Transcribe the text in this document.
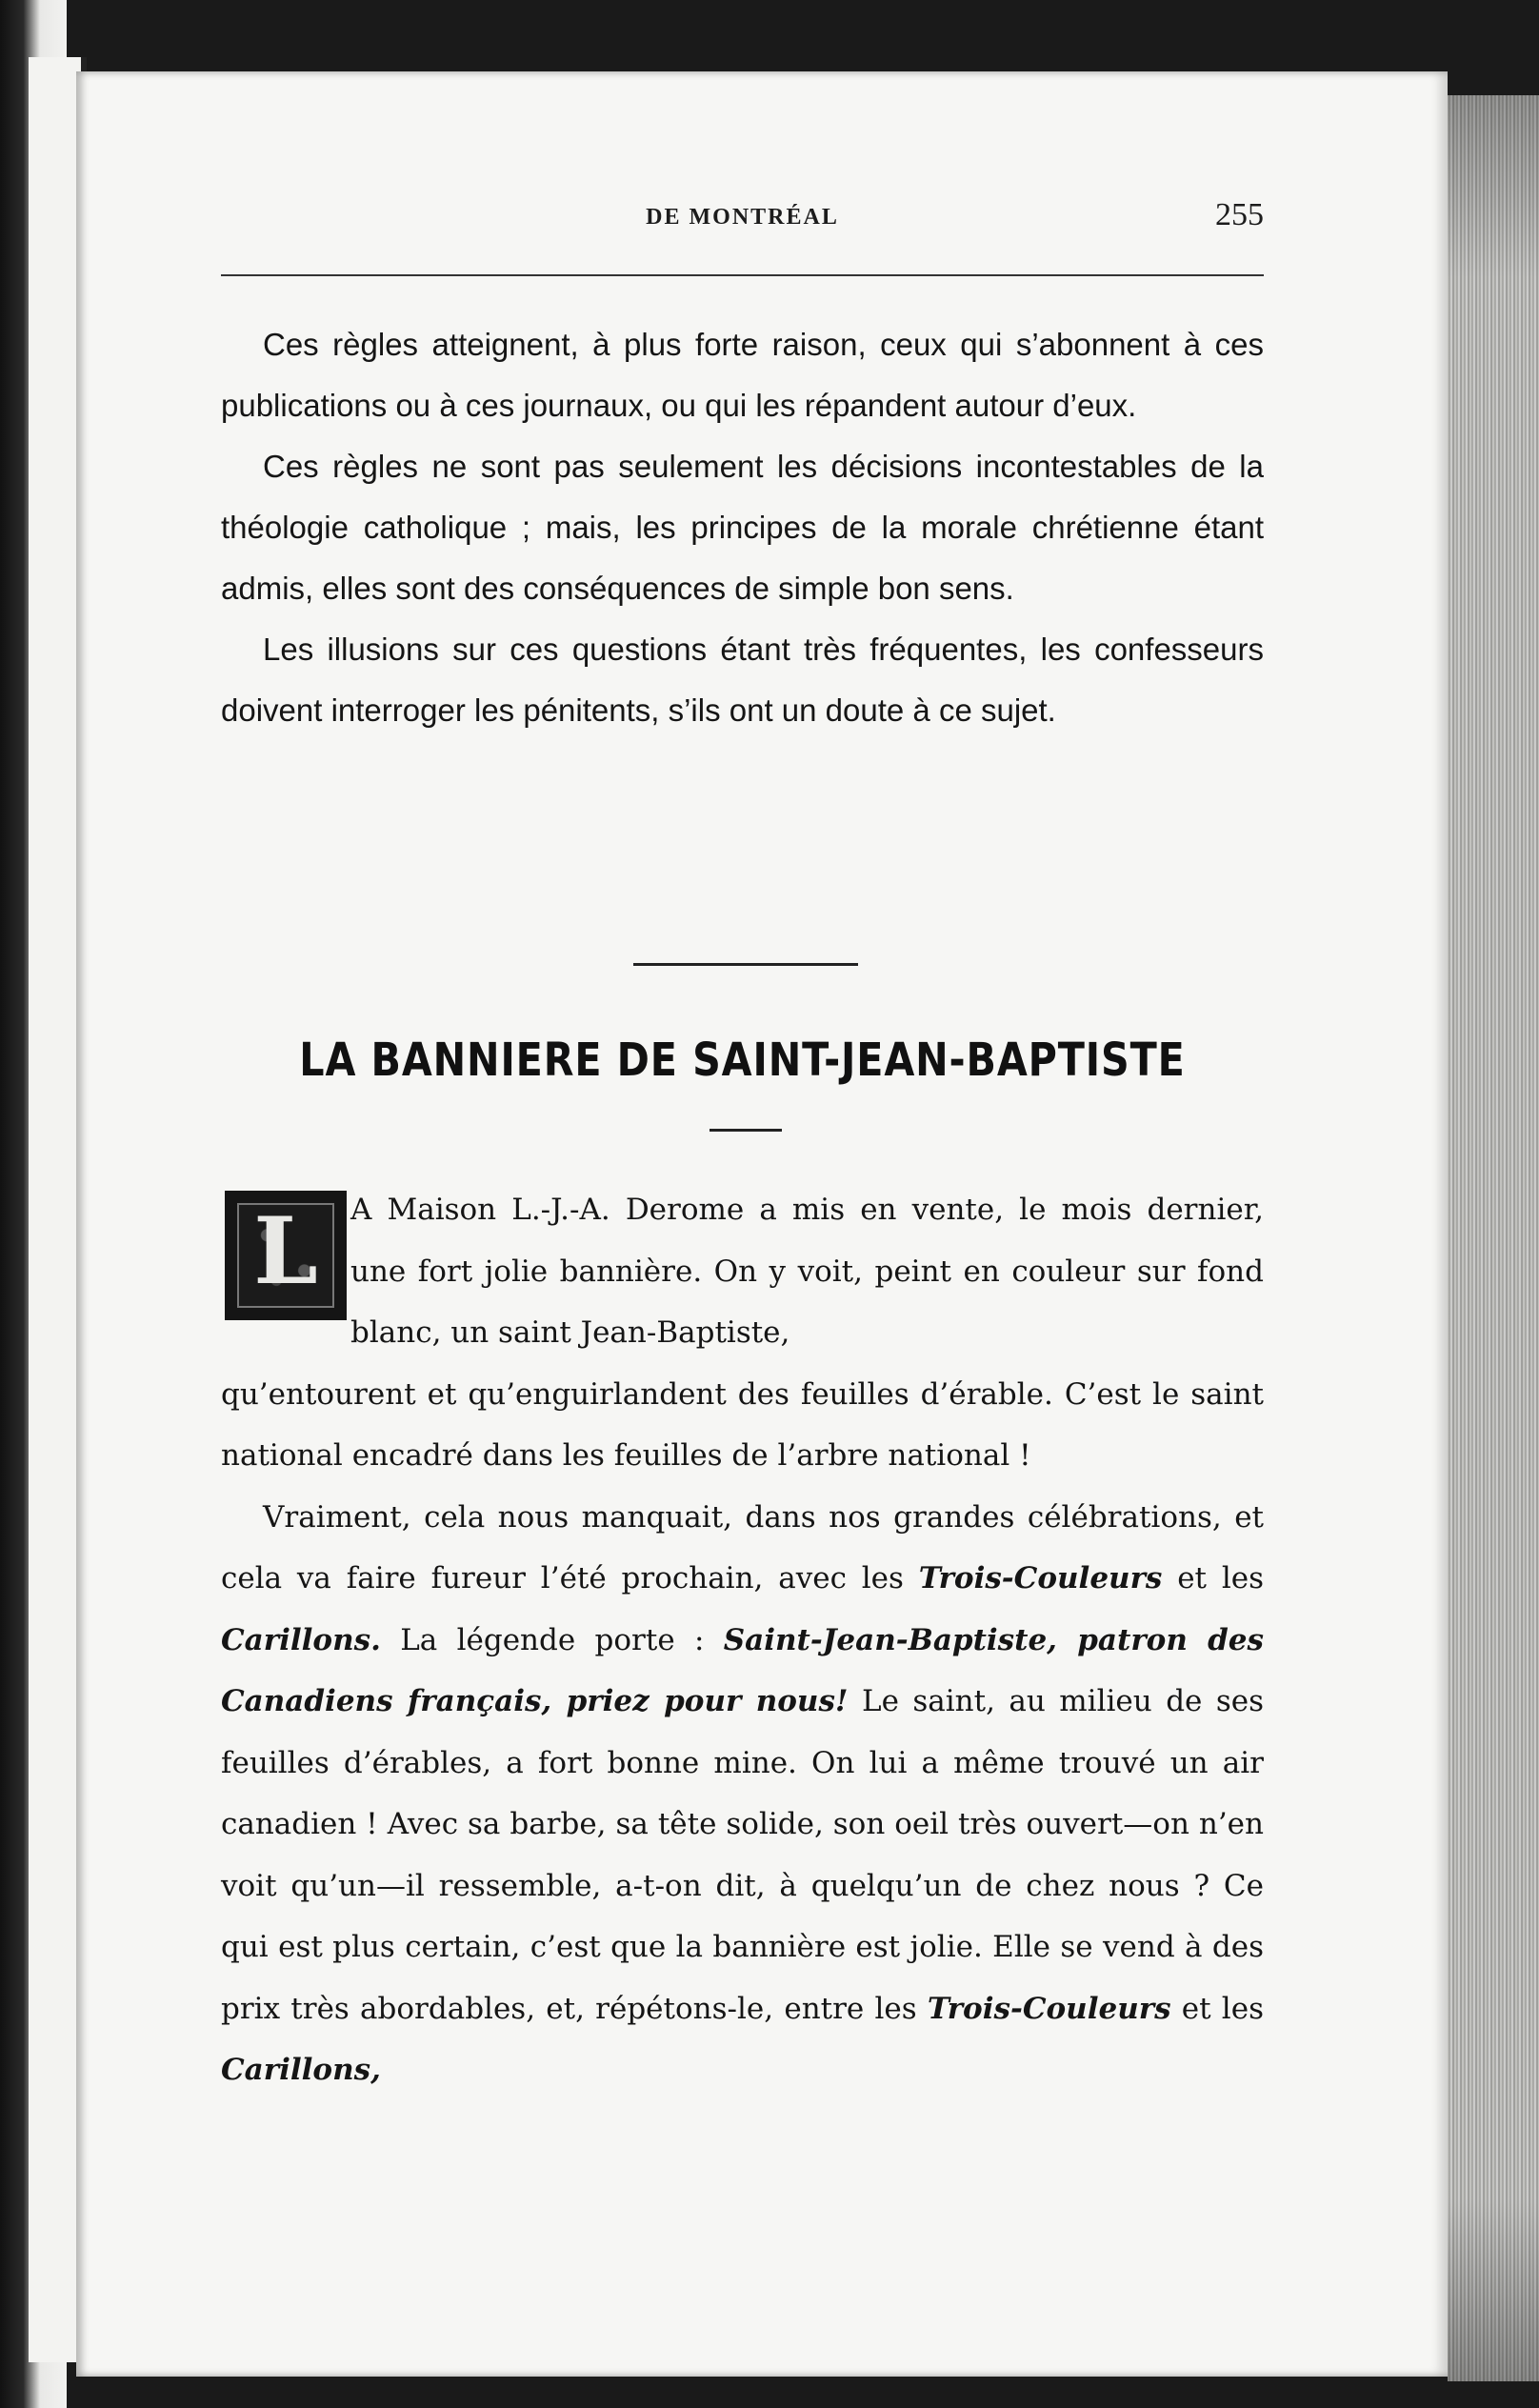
DE MONTRÉAL	255

Ces règles atteignent, à plus forte raison, ceux qui s’abonnent à ces publications ou à ces journaux, ou qui les répandent autour d’eux.

Ces règles ne sont pas seulement les décisions incontestables de la théologie catholique ; mais, les principes de la morale chrétienne étant admis, elles sont des conséquences de simple bon sens.

Les illusions sur ces questions étant très fréquentes, les confesseurs doivent interroger les pénitents, s’ils ont un doute à ce sujet.

LA BANNIERE DE SAINT-JEAN-BAPTISTE
L	A Maison L.-J.-A. Derome a mis en vente, le mois dernier, une fort jolie bannière. On y voit, peint en couleur sur fond blanc, un saint Jean-Baptiste,

qu’entourent et qu’enguirlandent des feuilles d’érable. C’est le saint national encadré dans les feuilles de l’arbre national !

Vraiment, cela nous manquait, dans nos grandes célébrations, et cela va faire fureur l’été prochain, avec les Trois-Couleurs et les Carillons. La légende porte : Saint-Jean-Baptiste, patron des Canadiens français, priez pour nous! Le saint, au milieu de ses feuilles d’érables, a fort bonne mine. On lui a même trouvé un air canadien ! Avec sa barbe, sa tête solide, son oeil très ouvert—on n’en voit qu’un—il ressemble, a-t-on dit, à quelqu’un de chez nous ? Ce qui est plus certain, c’est que la bannière est jolie. Elle se vend à des prix très abordables, et, répétons-le, entre les Trois-Couleurs et les Carillons,
